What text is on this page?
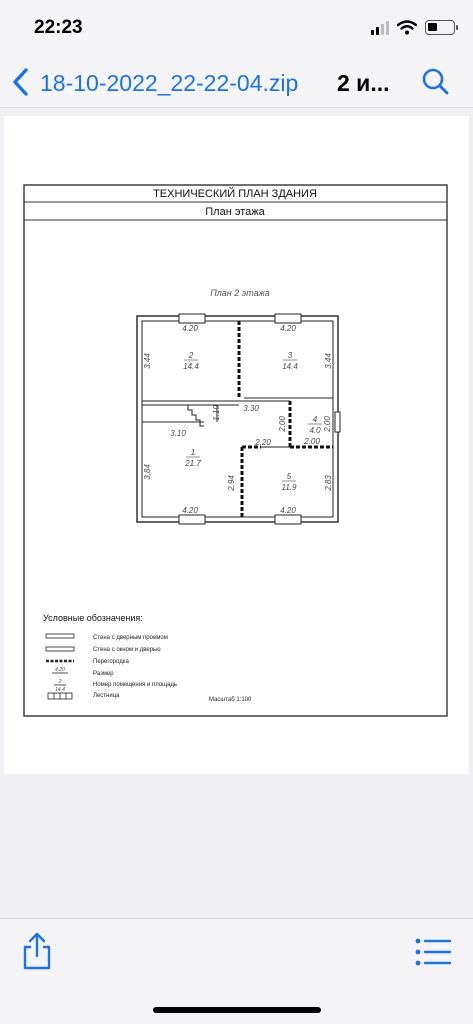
22:23
18-10-2022_22-22-04.zip 2 и...
ТЕХНИЧЕСКИЙ ПЛАН ЗДАНИЯ
План этажа
План 2 этажа
4.20	4.20
3.44	3.44
1.10	3.30
3.10
2.00
2.00
2.00
2.20
3.84
2.94	2.83
4.20	4.20
2
14.4
3
14.4
4
4.0
1
21.7
5
11.9
Условные обозначения:
4.20
2
14.4
Стена с дверным проемом
Стена с окном и дверью
Перегородка
Размер
Номер помещения и площадь
Лестница
Масштаб 1:100
